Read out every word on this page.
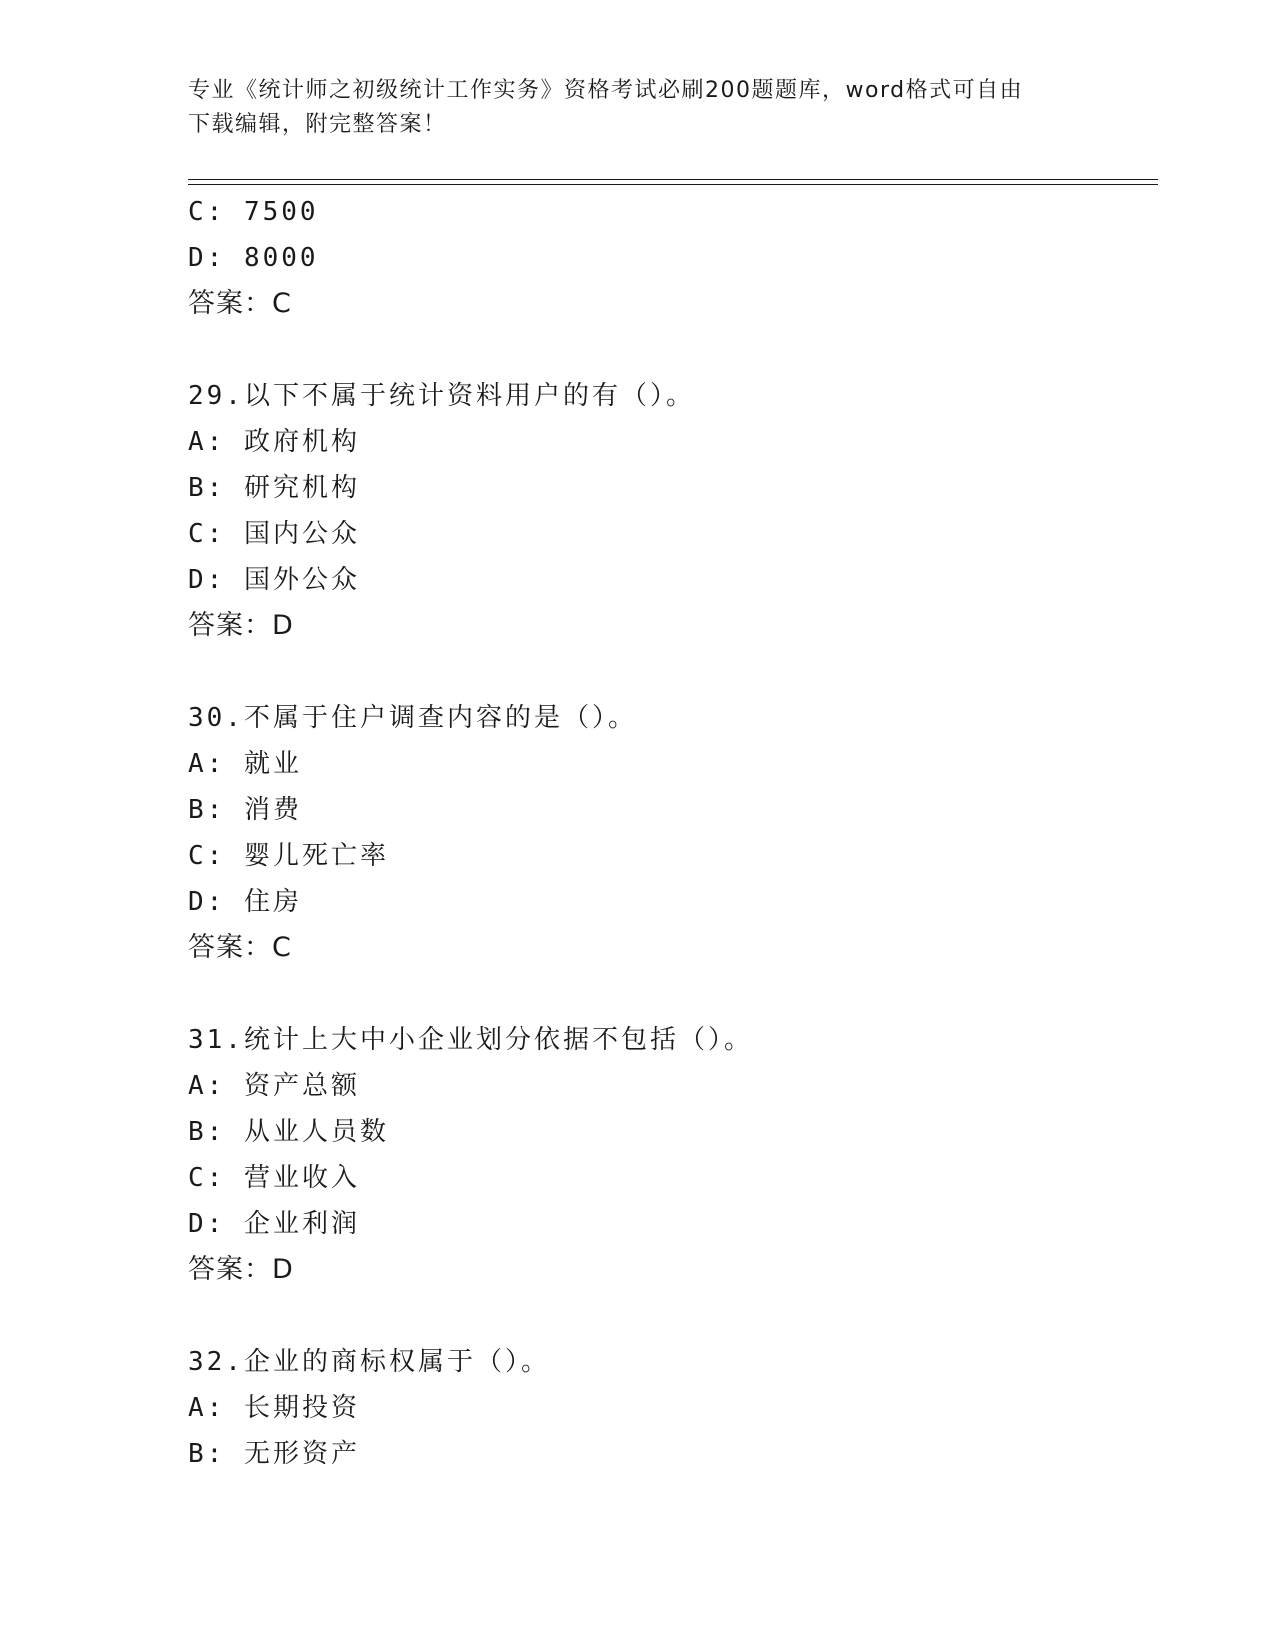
专业《统计师之初级统计工作实务》资格考试必刷200题题库，word格式可自由
下载编辑，附完整答案！
C: 7500
D: 8000
答案：C
29.以下不属于统计资料用户的有（）。
A: 政府机构
B: 研究机构
C: 国内公众
D: 国外公众
答案：D
30.不属于住户调查内容的是（）。
A: 就业
B: 消费
C: 婴儿死亡率
D: 住房
答案：C
31.统计上大中小企业划分依据不包括（）。
A: 资产总额
B: 从业人员数
C: 营业收入
D: 企业利润
答案：D
32.企业的商标权属于（）。
A: 长期投资
B: 无形资产
